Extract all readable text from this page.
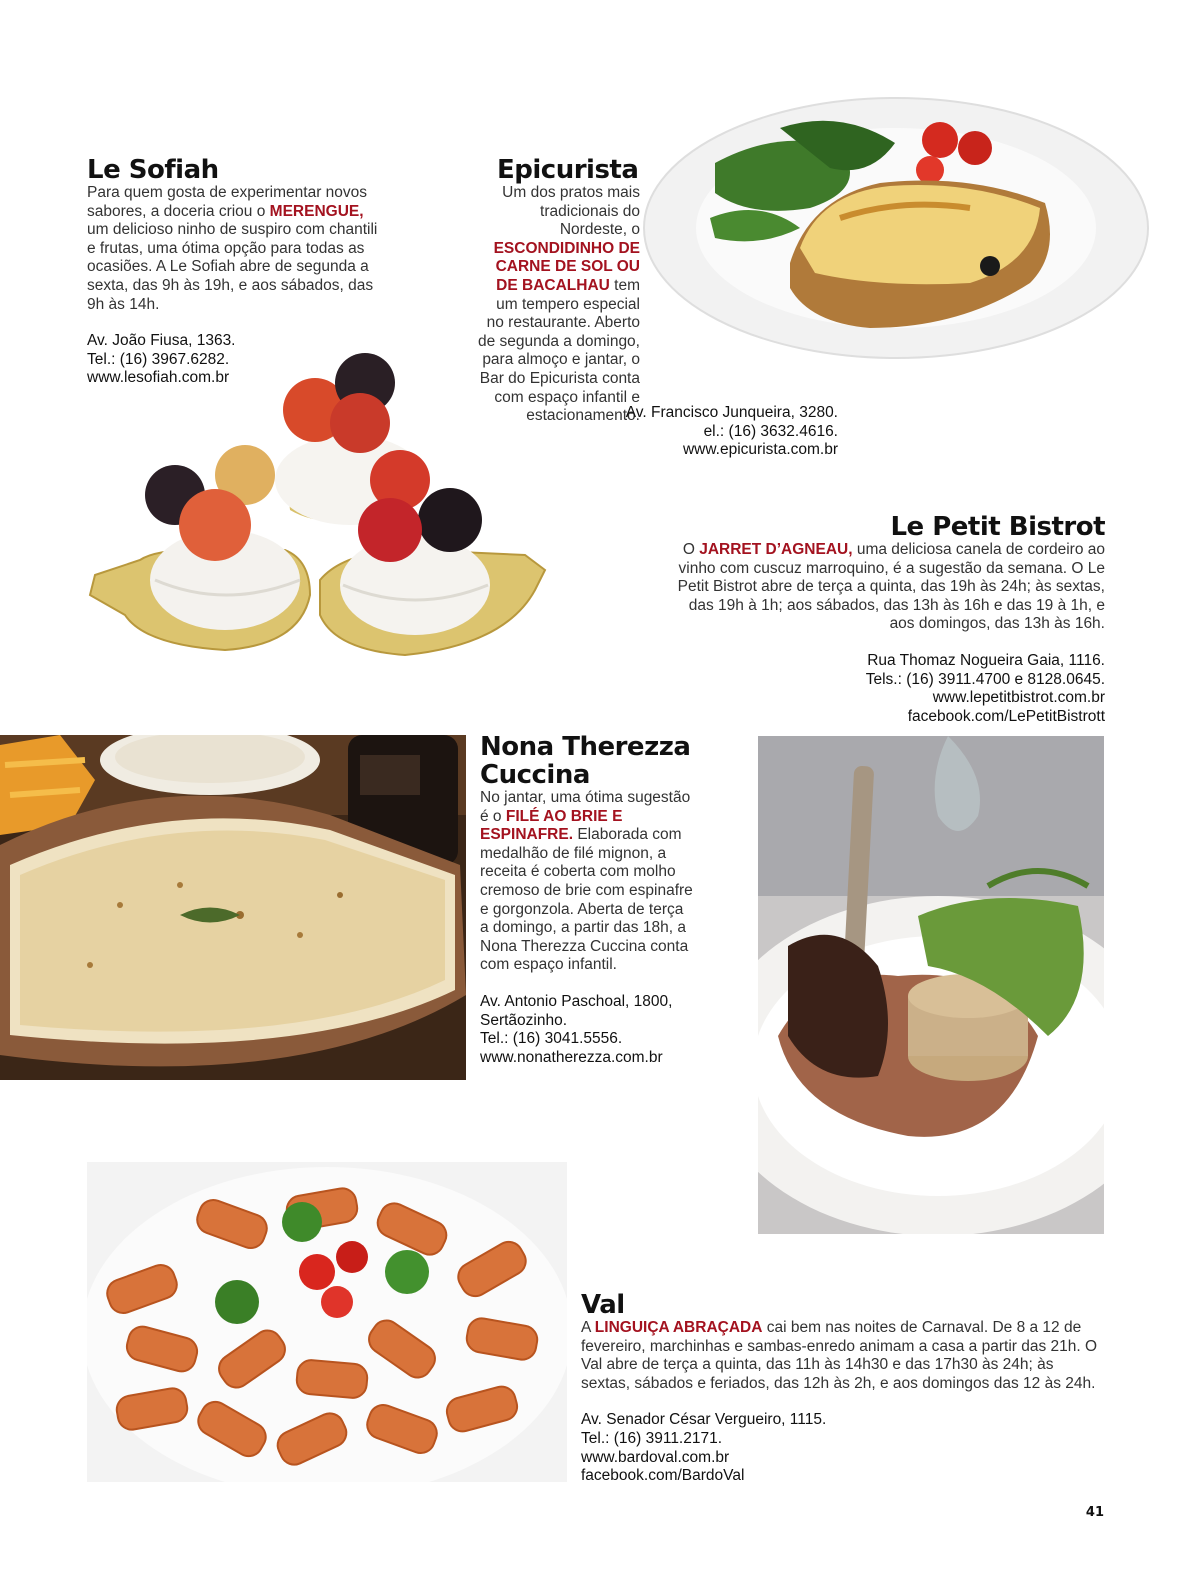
Le Sofiah

Para quem gosta de experimentar novos sabores, a doceria criou o MERENGUE, um delicioso ninho de suspiro com chantili e frutas, uma ótima opção para todas as ocasiões. A Le Sofiah abre de segunda a sexta, das 9h às 19h, e aos sábados, das 9h às 14h.

Av. João Fiusa, 1363.
Tel.: (16) 3967.6282.
www.lesofiah.com.br
Epicurista

Um dos pratos mais tradicionais do Nordeste, o ESCONDIDINHO DE CARNE DE SOL OU DE BACALHAU tem um tempero especial no restaurante. Aberto de segunda a domingo, para almoço e jantar, o Bar do Epicurista conta com espaço infantil e estacionamento.

Av. Francisco Junqueira, 3280.
el.: (16) 3632.4616.
www.epicurista.com.br
Le Petit Bistrot

O JARRET D’AGNEAU, uma deliciosa canela de cordeiro ao vinho com cuscuz marroquino, é a sugestão da semana. O Le Petit Bistrot abre de terça a quinta, das 19h às 24h; às sextas, das 19h à 1h; aos sábados, das 13h às 16h e das 19 à 1h, e aos domingos, das 13h às 16h.

Rua Thomaz Nogueira Gaia, 1116.
Tels.: (16) 3911.4700 e 8128.0645.
www.lepetitbistrot.com.br
facebook.com/LePetitBistrott
Nona Therezza
Cuccina

No jantar, uma ótima sugestão é o FILÉ AO BRIE E ESPINAFRE. Elaborada com medalhão de filé mignon, a receita é coberta com molho cremoso de brie com espinafre e gorgonzola. Aberta de terça a domingo, a partir das 18h, a Nona Therezza Cuccina conta com espaço infantil.

Av. Antonio Paschoal, 1800,
Sertãozinho.
Tel.: (16) 3041.5556.
www.nonatherezza.com.br
Val

A LINGUIÇA ABRAÇADA cai bem nas noites de Carnaval. De 8 a 12 de fevereiro, marchinhas e sambas-enredo animam a casa a partir das 21h. O Val abre de terça a quinta, das 11h às 14h30 e das 17h30 às 24h; às sextas, sábados e feriados, das 12h às 2h, e aos domingos das 12 às 24h.

Av. Senador César Vergueiro, 1115.
Tel.: (16) 3911.2171.
www.bardoval.com.br
facebook.com/BardoVal
41
